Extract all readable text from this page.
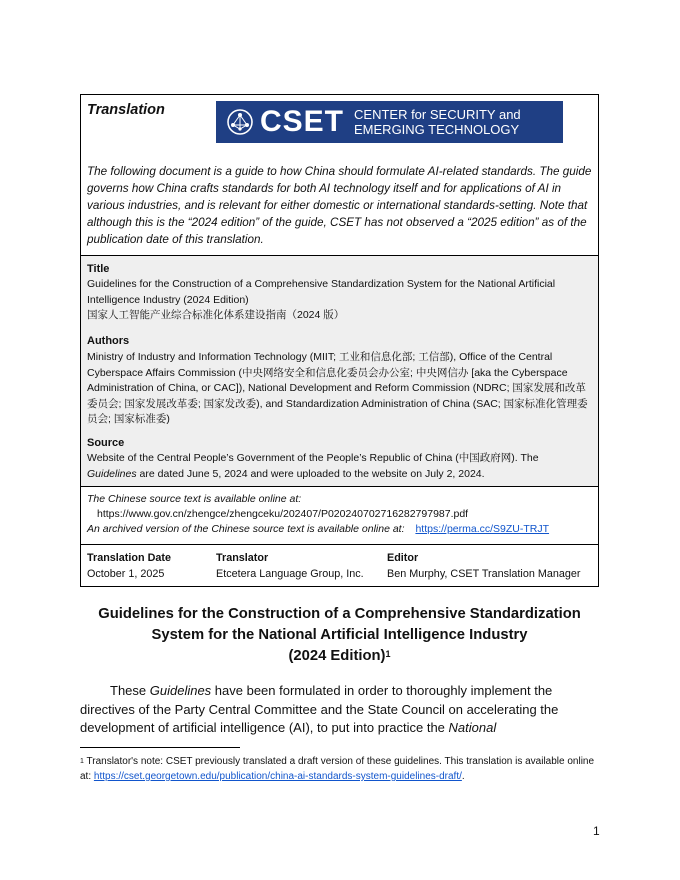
Translation	CSET CENTER for SECURITY and
EMERGING TECHNOLOGY
The following document is a guide to how China should formulate AI-related standards. The guide governs how China crafts standards for both AI technology itself and for applications of AI in various industries, and is relevant for either domestic or international standards-setting. Note that although this is the “2024 edition” of the guide, CSET has not observed a “2025 edition” as of the publication date of this translation.
Title
Guidelines for the Construction of a Comprehensive Standardization System for the National Artificial Intelligence Industry (2024 Edition)
国家人工智能产业综合标准化体系建设指南（2024 版）
Authors
Ministry of Industry and Information Technology (MIIT; 工业和信息化部; 工信部), Office of the Central Cyberspace Affairs Commission (中央网络安全和信息化委员会办公室; 中央网信办 [aka the Cyberspace Administration of China, or CAC]), National Development and Reform Commission (NDRC; 国家发展和改革委员会; 国家发展改革委; 国家发改委), and Standardization Administration of China (SAC; 国家标准化管理委员会; 国家标准委)
Source
Website of the Central People’s Government of the People’s Republic of China (中国政府网). The
Guidelines are dated June 5, 2024 and were uploaded to the website on July 2, 2024.
The Chinese source text is available online at:
https://www.gov.cn/zhengce/zhengceku/202407/P020240702716282797987.pdf
An archived version of the Chinese source text is available online at: https://perma.cc/S9ZU-TRJT
Translation Date
October 1, 2025
Translator
Etcetera Language Group, Inc.
Editor
Ben Murphy, CSET Translation Manager
Guidelines for the Construction of a Comprehensive Standardization
System for the National Artificial Intelligence Industry
(2024 Edition)$^1$
These Guidelines have been formulated in order to thoroughly implement the
directives of the Party Central Committee and the State Council on accelerating the
development of artificial intelligence (AI), to put into practice the National
$^1$ Translator's note: CSET previously translated a draft version of these guidelines. This translation is available online at: https://cset.georgetown.edu/publication/china-ai-standards-system-guidelines-draft/.
1
